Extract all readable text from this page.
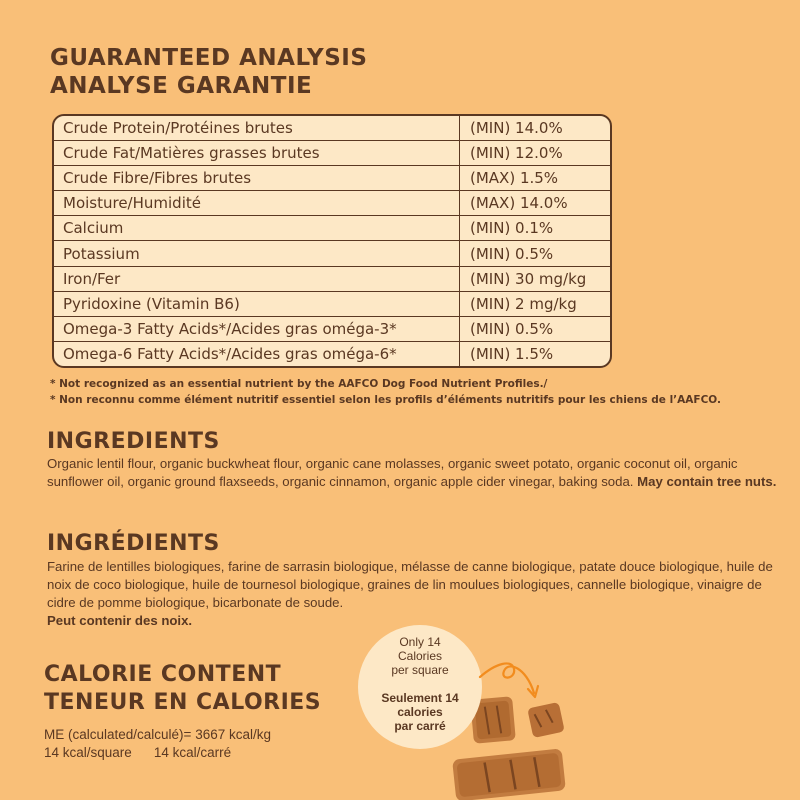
GUARANTEED ANALYSIS
ANALYSE GARANTIE
Crude Protein/Protéines brutes	(MIN) 14.0%
Crude Fat/Matières grasses brutes	(MIN) 12.0%
Crude Fibre/Fibres brutes	(MAX) 1.5%
Moisture/Humidité	(MAX) 14.0%
Calcium	(MIN) 0.1%
Potassium	(MIN) 0.5%
Iron/Fer	(MIN) 30 mg/kg
Pyridoxine (Vitamin B6)	(MIN) 2 mg/kg
Omega-3 Fatty Acids*/Acides gras oméga-3*	(MIN) 0.5%
Omega-6 Fatty Acids*/Acides gras oméga-6*	(MIN) 1.5%
* Not recognized as an essential nutrient by the AAFCO Dog Food Nutrient Profiles./
* Non reconnu comme élément nutritif essentiel selon les profils d’éléments nutritifs pour les chiens de l’AAFCO.
INGREDIENTS

Organic lentil flour, organic buckwheat flour, organic cane molasses, organic sweet potato, organic coconut oil, organic sunflower oil, organic ground flaxseeds, organic cinnamon, organic apple cider vinegar, baking soda. May contain tree nuts.

INGRÉDIENTS

Farine de lentilles biologiques, farine de sarrasin biologique, mélasse de canne biologique, patate douce biologique, huile de noix de coco biologique, huile de tournesol biologique, graines de lin moulues biologiques, cannelle biologique, vinaigre de cidre de pomme biologique, bicarbonate de soude.
Peut contenir des noix.

CALORIE CONTENT
TENEUR EN CALORIES
ME (calculated/calculé)= 3667 kcal/kg
14 kcal/square 14 kcal/carré
Only 14
Calories
per square
Seulement 14
calories
par carré
